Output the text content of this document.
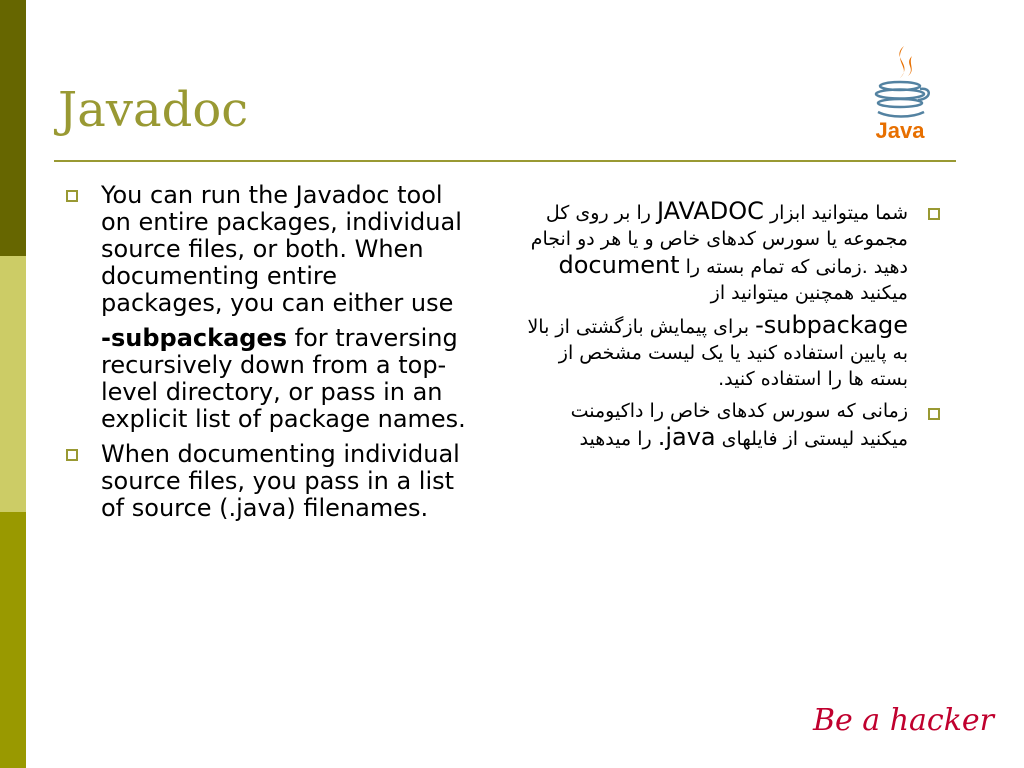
Javadoc	Java
You can run the Javadoc tool on entire packages, individual source files, or both. When documenting entire packages, you can either use
-subpackages for traversing recursively down from a top-level directory, or pass in an explicit list of package names.
When documenting individual source files, you pass in a list of source (.java) filenames.
شما میتوانید ابزار JAVADOC را بر روی کل مجموعه یا سورس کدهای خاص و یا هر دو انجام دهید .زمانی که تمام بسته را document میکنید همچنین میتوانید از
-subpackage برای پیمایش بازگشتی از بالا به پایین استفاده کنید یا یک لیست مشخص از بسته ها را استفاده کنید.
زمانی که سورس کدهای خاص را داکیومنت میکنید لیستی از فایلهای .java را میدهید
Be a hacker
